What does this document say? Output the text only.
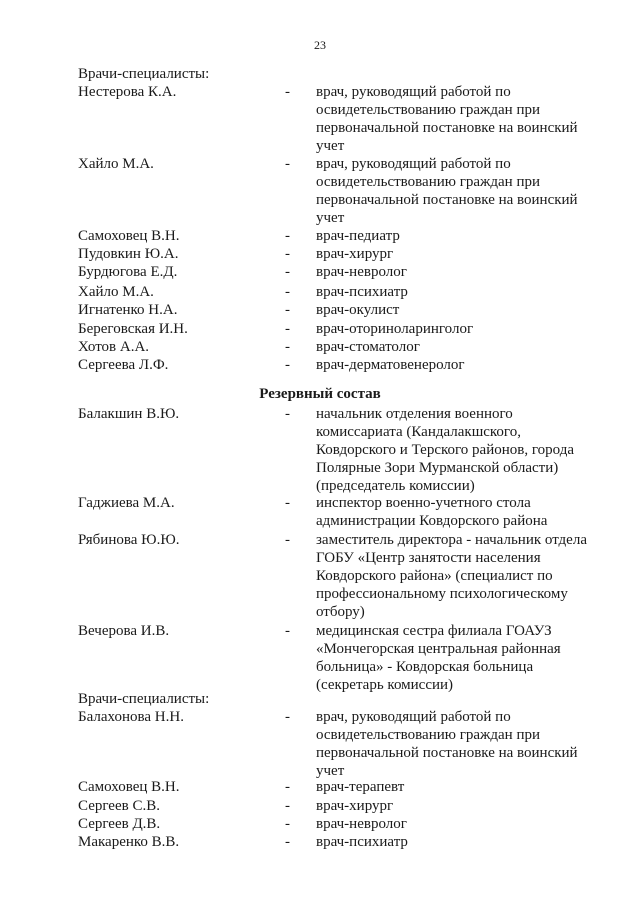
23
Врачи-специалисты:
Нестерова К.А.	- врач, руководящий работой по
освидетельствованию граждан при
первоначальной постановке на воинский
учет
Хайло М.А.	- врач, руководящий работой по
освидетельствованию граждан при
первоначальной постановке на воинский
учет
Самоховец В.Н.	- врач-педиатр
Пудовкин Ю.А.	- врач-хирург
Бурдюгова Е.Д.	- врач-невролог
Хайло М.А.	- врач-психиатр
Игнатенко Н.А.	- врач-окулист
Береговская И.Н.	- врач-оториноларинголог
Хотов А.А.	- врач-стоматолог
Сергеева Л.Ф.	- врач-дерматовенеролог
Резервный состав
Балакшин В.Ю.	- начальник отделения военного
комиссариата (Кандалакшского,
Ковдорского и Терского районов, города
Полярные Зори Мурманской области)
(председатель комиссии)
Гаджиева М.А.	- инспектор военно-учетного стола
администрации Ковдорского района
Рябинова Ю.Ю.	- заместитель директора - начальник отдела
ГОБУ «Центр занятости населения
Ковдорского района» (специалист по
профессиональному психологическому
отбору)
Вечерова И.В.	- медицинская сестра филиала ГОАУЗ
«Мончегорская центральная районная
больница» - Ковдорская больница
(секретарь комиссии)
Врачи-специалисты:
Балахонова Н.Н.	- врач, руководящий работой по
освидетельствованию граждан при
первоначальной постановке на воинский
учет
Самоховец В.Н.	- врач-терапевт
Сергеев С.В.	- врач-хирург
Сергеев Д.В.	- врач-невролог
Макаренко В.В.	- врач-психиатр
